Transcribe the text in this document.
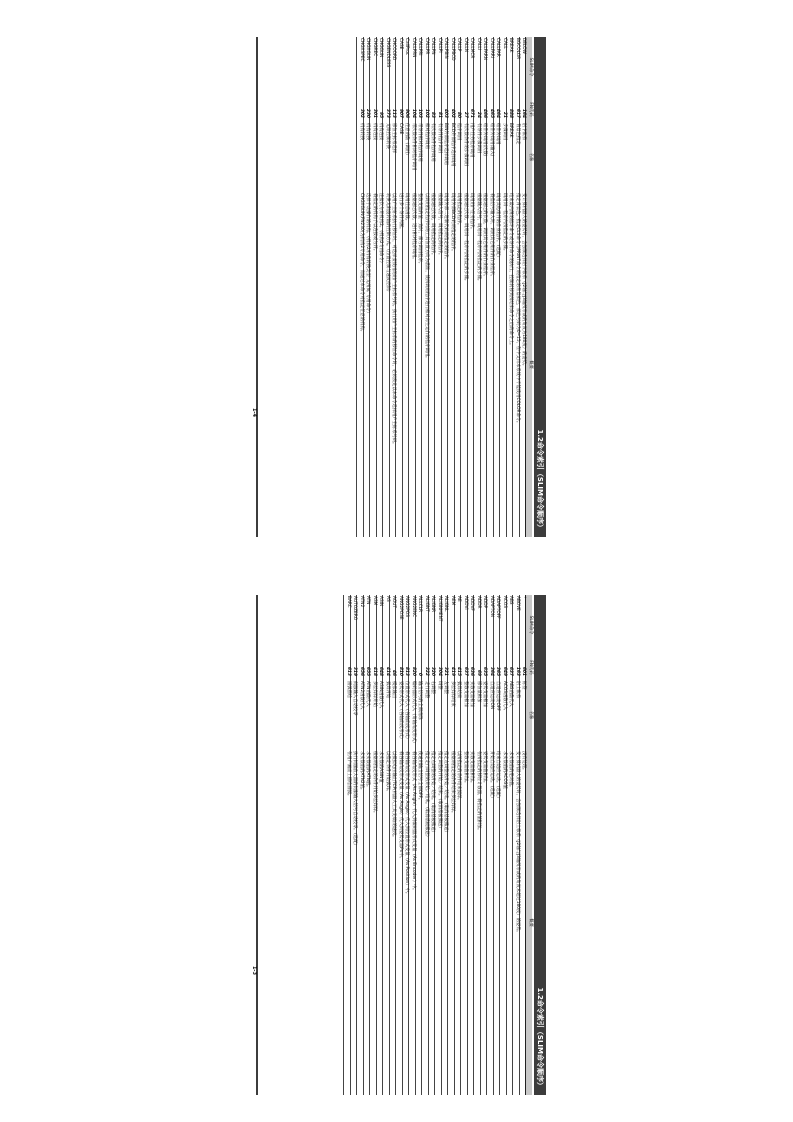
1.2命令索引（SLIM命令顺序）
SLIM命令	FN代码	名称	概要
DELOW	164	肘下帐系	变计算机器人的姿势时，会强制选择肘下帐系（J2轴与J3轴所形成的角度为180度）的姿势。
BGCOLOR	617	背景色指定	指定背景色。指定CLS命令与PRINT命令所指定的背景颜色，颜色号码为0~15，在中文日本系统中不能使用COLOR命令。
BREAK	888	BREAK	结束最内侧的循环命令或条件命令的执行，控制转移到所结束命令之后的命令上。
CALL	21	步骤调用	调用同一程序内所指定的步骤。
CALLFAR	464	组件外调用	调用其他组件的作业程序。（选配）
CALLFARI	465	组件外调用(输入)	将指信号输入时，调用其它组件的作业程序。
CALLFARN	466	组件外调用(次数)	根据通过的次数，调用其它组件的作业程序。
CALLI	24	有条件步骤调用	根据输入信号，调用同一程序内所指定的步骤。
CALLMCR	671	用户任务程序调用	调用用户任务程序。
CALLN	27	有次数条件的步骤调用	根据通过次数，调用同一程序内所指定的步骤。
CALLP	80	程序调用	调用指定的程序。
CALLPBCD	402	BCD外部程序选择调用	调用外部BCD码所指定的程序。
CALLPBIN	403	BIN外部程序选择调用	调用外部二进制代码所指定的程序。
CALLPI	81	有条件程序调用	根据输入信号，调用指定的程序。
CALLPN	83	有次数条件程序调用	根据通过次数，调用指定的程序。
CALLPR	102	相对程序调用	以调用指定程序时的工具位置方向为基准，使所调用程序进行相对再生运作的程序调用。
CALLPRI	103	带条件相对程序调用	整数变量的值一致时，部分调用程序。
CALLPRN	104	带次数条件相对程序调用	根据通过次数，进行相对程序调用。
CallProc	906	任意函数（调用）	调用任意函数。
CASE	907	CASE	进行多个条件判断。
CHCOORD	113	移位坐标系选择	以用户坐标系执行移位时，可选择要使用的用户坐标系号码。执行用户坐标系的移位命令时，必须预先以本命令选择用户坐标系号码。
CHGENDLESS	373	无限控制转换	转换无限旋转轴的控制方式。（位置控制与速度控制）
CHGGUN	95	机构连接	连接次分开机构2。（机构2专用命令）
CHGREC	301	机构连接	将指定的机构予以连接或分开。
CHGXGUN	230	机构转换	选择手动操作的机构。（机构2/机构转换类型“无所属”专用命令）
CHGXSPEC	302	机构转换	CHGXGUN(FN230)为机构2专用命令，而通过本命令可指定任意的机构。
1-4
1.2命令索引（SLIM命令顺序）
SLIM命令	FN代码	名称	概要
*	601	标签	没有处理。
ABOVE	163	肘上帐系	变计算机器人的姿势时，会强制选择肘上帐系（J2轴与J3轴所形成的角度未超过180度）的姿势。
ABS	637	ABS函数代入	求实数值的绝对值。
ACOS	649	ACOS函数代入	求实数值的ACOS值
ADAPTOFF	365	自适应运动OFF	结束自适应运动。（选配）
ADAPTON	364	自适应运动ON	开始自适应运动。（选配）
ADDP	635	姿势变量相加	姿势变量值相加。
ADDR	69	移位量相加	在所指定的移位计数器，将指定的值相加。
ADDVF	636	实数变量相加	实数变量值相加。
ADDVI	637	整数变量相加	整数变量值相加。
AE	415	弧焊结束	以所指定的条件结束弧焊。
AEM	419	多层焊焊结束	根据所指定的条件结束多层焊焊。
ALIGNL	321	左调整	指定左调整的开始／结束。（取消基板搬送）
ALIGNMENT	304	调整	指定调整的开始／结束。（取消基板搬送）
ALIGNR	320	右调整	指定右调整的开始／结束。（取消基板搬送）
ALIGNT	322	走行调整	指定走行调整的开始／结束。（取消基板搬送）
ALLCLR	0	输出信号的全部清除	使通用输出信号全部OFF。
ANG2ENC	820	编码器形式代入（角轴角度形式）	将各轴角度形式（As Angle）代入到编码器形式变量（As Encoder）中。
ANG2POS	813	位置形式代入（各轴角度形式）	将各轴角度形式变量（As Angle）代入到位置形式变量（As Position）中。
ANG2POSE	810	姿势形式代入（各轴角度形式）	将各轴角度形式变量（As Angle）代入到姿势变量Pn中。
AOUT	46	模拟输出	以模拟电压输出TCP(机器人工具尖端)的速度。
AS	414	弧焊开始	以指定条件开始弧焊。
ASIN	648	ASIN函数代入	求实数的ASIN值
ASM	418	多层焊焊开始	根据所指定的条件开始多层焊焊。
ATN	655	ATN函数代入	求实数值的ATN值。
ATN2	656	ATN2函数代入	求实数值的ATN2值。
AUTOZERO	319	伺服输入自动校零	执行伺服放大器的伺服输入信号自动校零。（选配）
BARC	613	圆弧描绘	在用户画面上描绘圆弧。
1-3
